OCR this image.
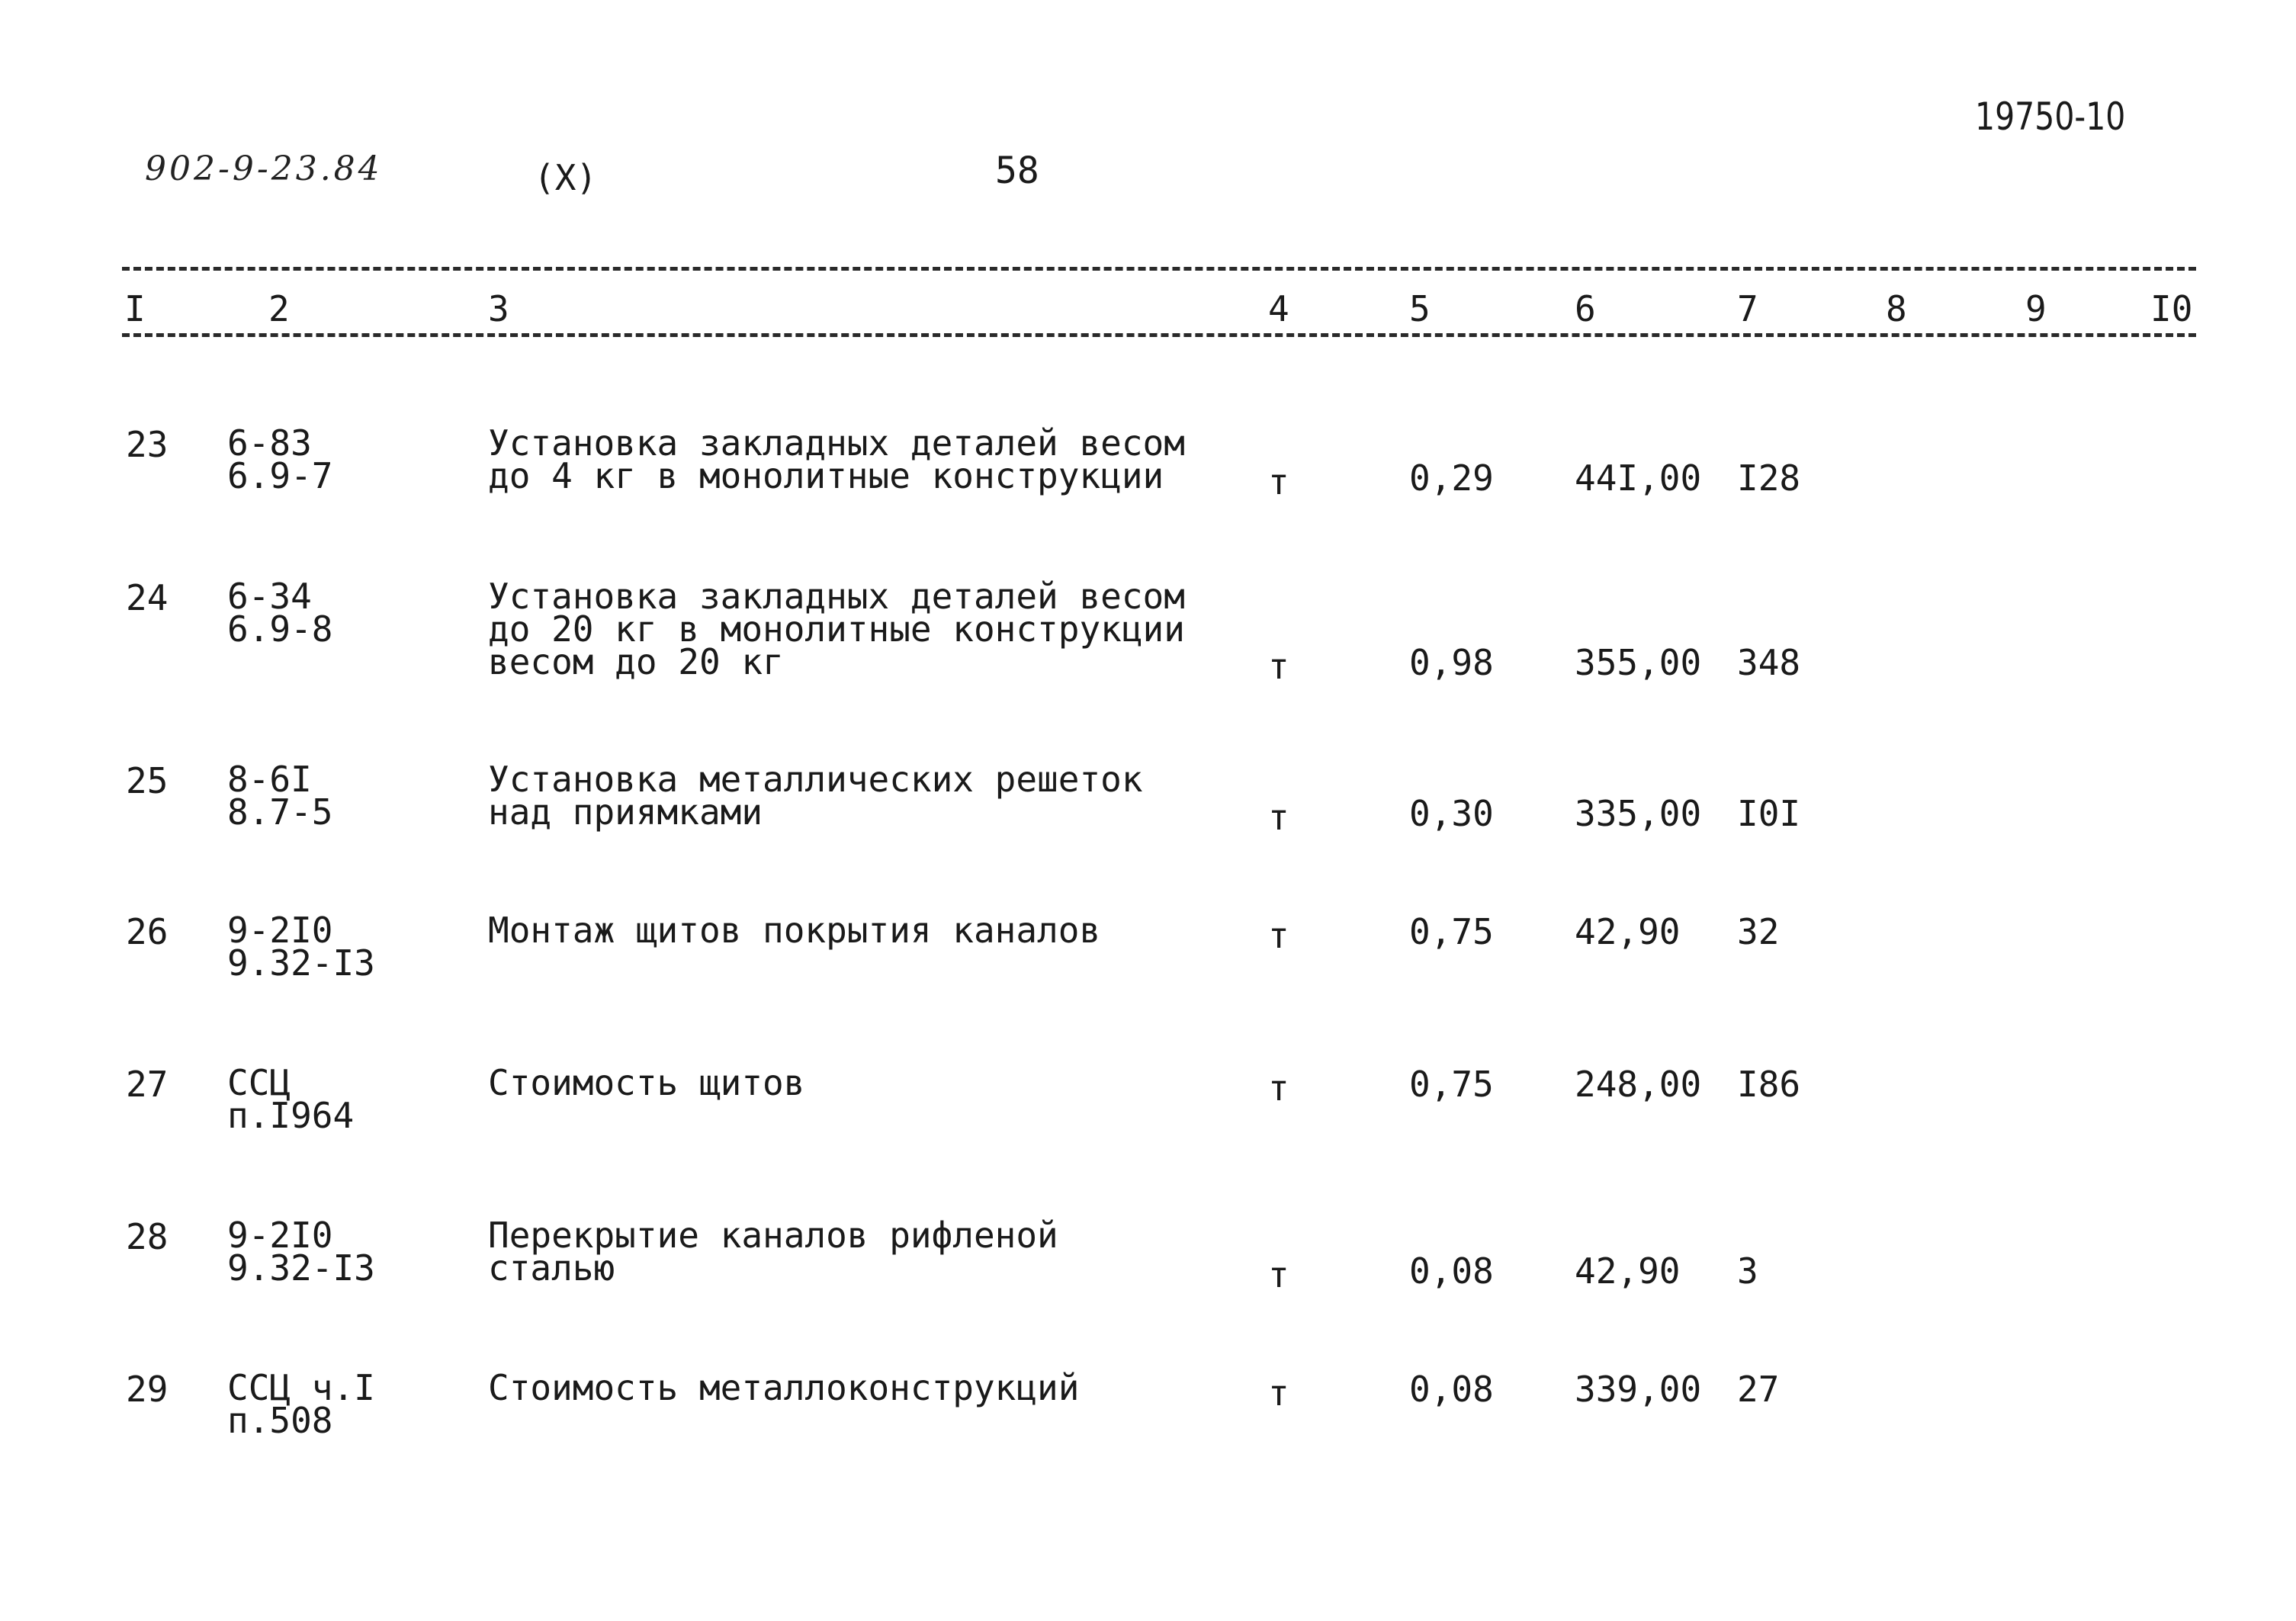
902-9-23.84	(X)	58
19750-10
I	2	3	4	5	6	7	8	9	I0
23 6-83
6.9-7
Установка закладных деталей весом
до 4 кг в монолитные конструкции	т	0,29 44I,00 I28
24 6-34
6.9-8
Установка закладных деталей весом
до 20 кг в монолитные конструкции
весом до 20 кг	т	0,98 355,00 348
25 8-6I
8.7-5
Установка металлических решеток
над приямками	т	0,30 335,00 I0I
26 9-2I0
9.32-I3
Монтаж щитов покрытия каналов	т	0,75 42,90 32
27 ССЦ
п.I964
Стоимость щитов	т	0,75 248,00 I86
28 9-2I0
9.32-I3
Перекрытие каналов рифленой
сталью	т	0,08 42,90 3
29 ССЦ ч.I
п.508
Стоимость металлоконструкций	т	0,08 339,00 27
